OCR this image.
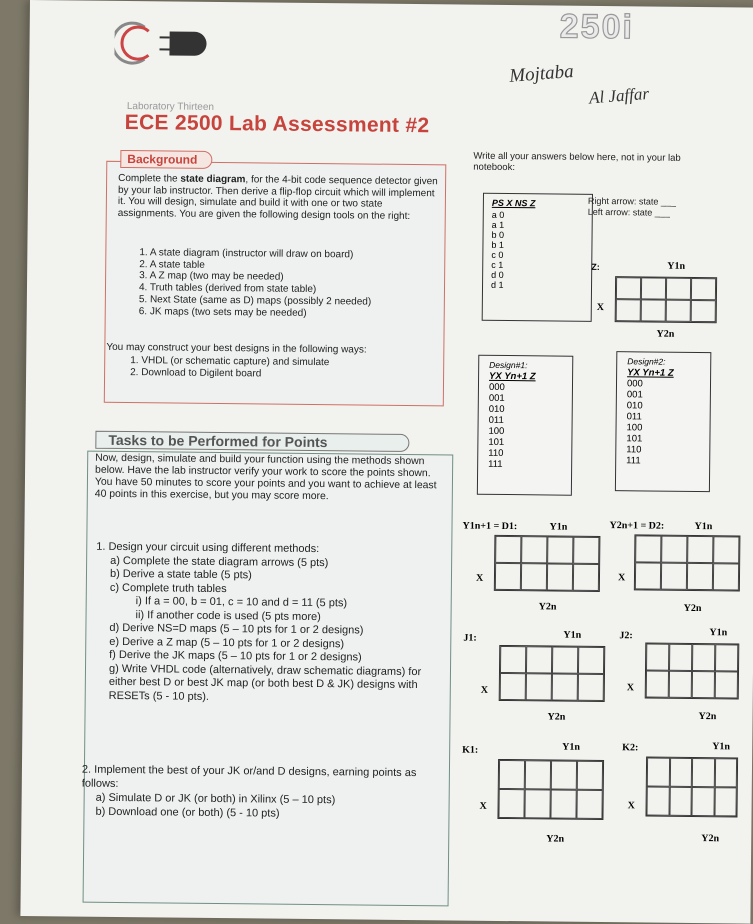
250i
Mojtaba
Al Jaffar
Laboratory Thirteen
ECE 2500 Lab Assessment #2
Background
Complete the state diagram, for the 4-bit code sequence detector given by your lab instructor. Then derive a flip-flop circuit which will implement it. You will design, simulate and build it with one or two state assignments. You are given the following design tools on the right:
1. A state diagram (instructor will draw on board)
2. A state table
3. A Z map (two may be needed)
4. Truth tables (derived from state table)
5. Next State (same as D) maps (possibly 2 needed)
6. JK maps (two sets may be needed)
You may construct your best designs in the following ways:
1. VHDL (or schematic capture) and simulate
2. Download to Digilent board
Tasks to be Performed for Points
Now, design, simulate and build your function using the methods shown below. Have the lab instructor verify your work to score the points shown. You have 50 minutes to score your points and you want to achieve at least 40 points in this exercise, but you may score more.
1. Design your circuit using different methods:
a) Complete the state diagram arrows (5 pts)
b) Derive a state table (5 pts)
c) Complete truth tables
i) If a = 00, b = 01, c = 10 and d = 11 (5 pts)
ii) If another code is used (5 pts more)
d) Derive NS=D maps (5 – 10 pts for 1 or 2 designs)
e) Derive a Z map (5 – 10 pts for 1 or 2 designs)
f) Derive the JK maps (5 – 10 pts for 1 or 2 designs)
g) Write VHDL code (alternatively, draw schematic diagrams) for either best D or best JK map (or both best D & JK) designs with RESETs (5 - 10 pts).
2. Implement the best of your JK or/and D designs, earning points as follows:
a) Simulate D or JK (or both) in Xilinx (5 – 10 pts)
b) Download one (or both) (5 - 10 pts)
Write all your answers below here, not in your lab notebook:
PS X NS Z
a 0
a 1
b 0
b 1
c 0
c 1
d 0
d 1
Right arrow: state ___
Left arrow: state ___
Z:	Y1n
X
Y2n
Design#1:
YX Yn+1 Z
000
001
010
011
100
101
110
111
Design#2:
YX Yn+1 Z
000
001
010
011
100
101
110
111
Y1n+1 = D1:	Y1n
X
Y2n
Y2n+1 = D2:	Y1n
X
Y2n
J1:	Y1n
X
Y2n
J2:	Y1n
X
Y2n
K1:	Y1n
X
Y2n
K2:	Y1n
X
Y2n
